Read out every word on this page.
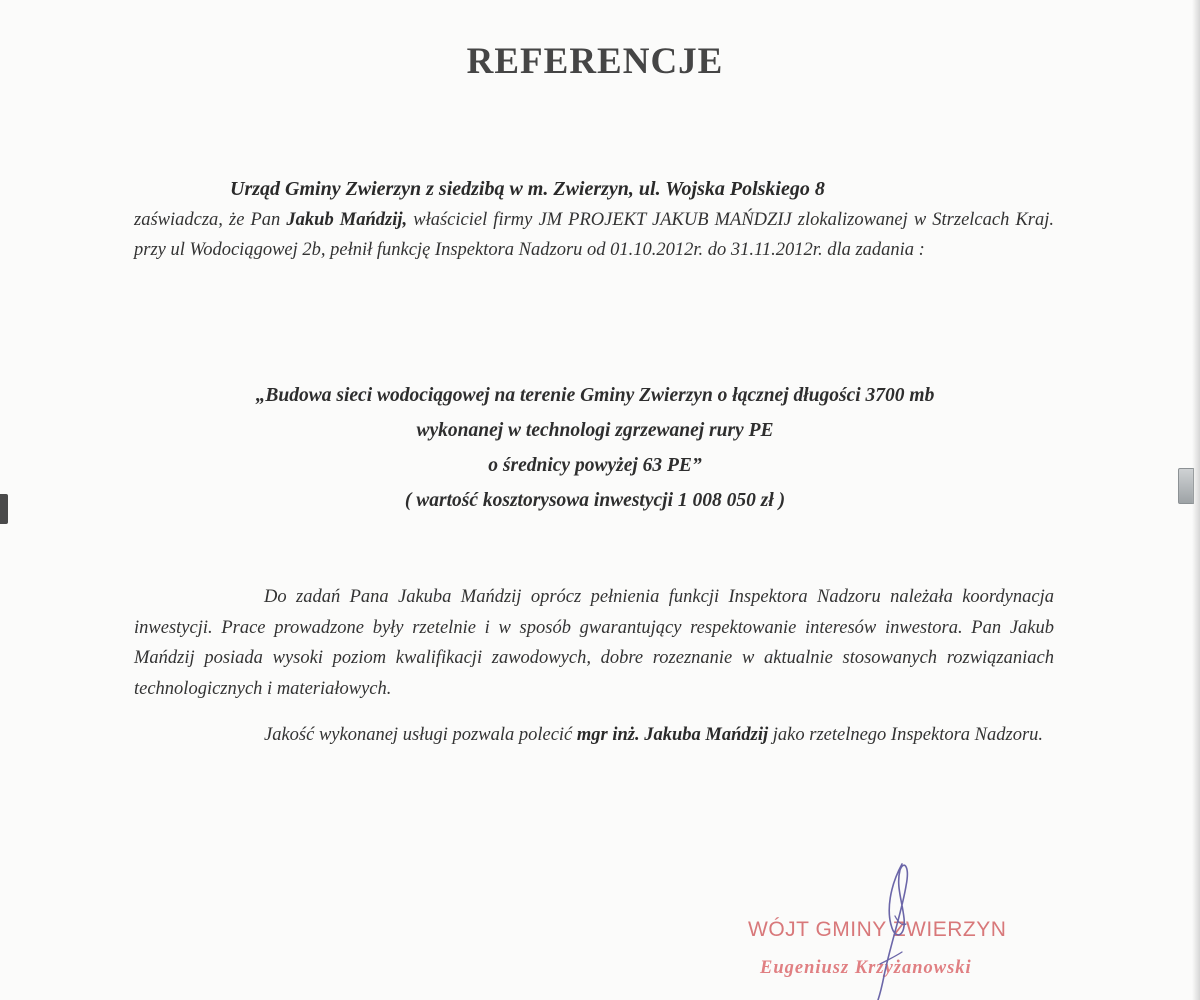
REFERENCJE
Urząd Gminy Zwierzyn z siedzibą w m. Zwierzyn, ul. Wojska Polskiego 8
zaświadcza, że Pan Jakub Mańdzij, właściciel firmy JM PROJEKT JAKUB MAŃDZIJ zlokalizowanej w Strzelcach Kraj. przy ul Wodociągowej 2b, pełnił funkcję Inspektora Nadzoru od 01.10.2012r. do 31.11.2012r. dla zadania :
„Budowa sieci wodociągowej na terenie Gminy Zwierzyn o łącznej długości 3700 mb
wykonanej w technologi zgrzewanej rury PE
o średnicy powyżej 63 PE”
( wartość kosztorysowa inwestycji 1 008 050 zł )

Do zadań Pana Jakuba Mańdzij oprócz pełnienia funkcji Inspektora Nadzoru należała koordynacja inwestycji. Prace prowadzone były rzetelnie i w sposób gwarantujący respektowanie interesów inwestora. Pan Jakub Mańdzij posiada wysoki poziom kwalifikacji zawodowych, dobre rozeznanie w aktualnie stosowanych rozwiązaniach technologicznych i materiałowych.

Jakość wykonanej usługi pozwala polecić mgr inż. Jakuba Mańdzij jako rzetelnego Inspektora Nadzoru.

WÓJT GMINY ZWIERZYN
Eugeniusz Krzyżanowski
